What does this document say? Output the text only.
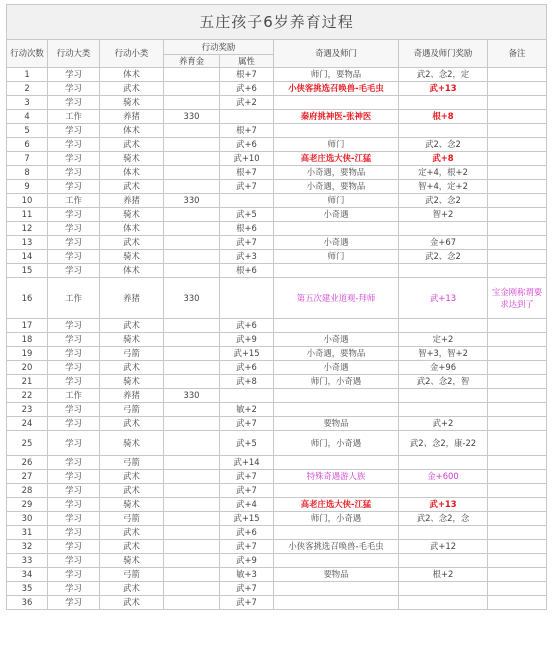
五庄孩子6岁养育过程							
行动次数	行动大类	行动小类	行动奖励		奇遇及师门	奇遇及师门奖励	备注
			养育金	属性			
1	学习	体术		根+7	师门，要物品	武2、念2，定	
2	学习	武术		武+6	小侠客挑选召唤兽-毛毛虫	武+13	
3	学习	骑术		武+2			
4	工作	养猪	330		秦府挑神医-张神医	根+8	
5	学习	体术		根+7			
6	学习	武术		武+6	师门	武2、念2	
7	学习	骑术		武+10	高老庄选大侠-江猛	武+8	
8	学习	体术		根+7	小奇遇，要物品	定+4，根+2	
9	学习	武术		武+7	小奇遇，要物品	智+4，定+2	
10	工作	养猪	330		师门	武2、念2	
11	学习	骑术		武+5	小奇遇	智+2	
12	学习	体术		根+6			
13	学习	武术		武+7	小奇遇	金+67	
14	学习	骑术		武+3	师门	武2、念2	
15	学习	体术		根+6			
16	工作	养猪	330		第五次建业道观-拜师	武+13	宝金刚称谓要求达到了
17	学习	武术		武+6			
18	学习	骑术		武+9	小奇遇	定+2	
19	学习	弓箭		武+15	小奇遇，要物品	智+3，智+2	
20	学习	武术		武+6	小奇遇	金+96	
21	学习	骑术		武+8	师门，小奇遇	武2、念2，智	
22	工作	养猪	330				
23	学习	弓箭		敏+2			
24	学习	武术		武+7	要物品	武+2	
25	学习	骑术		武+5	师门，小奇遇	武2、念2，康-22	
26	学习	弓箭		武+14			
27	学习	武术		武+7	特殊奇遇游人族	金+600	
28	学习	武术		武+7			
29	学习	骑术		武+4	高老庄选大侠-江猛	武+13	
30	学习	弓箭		武+15	师门，小奇遇	武2、念2，念	
31	学习	武术		武+6			
32	学习	武术		武+7	小侠客挑选召唤兽-毛毛虫	武+12	
33	学习	骑术		武+9			
34	学习	弓箭		敏+3	要物品	根+2	
35	学习	武术		武+7			
36	学习	武术		武+7			
